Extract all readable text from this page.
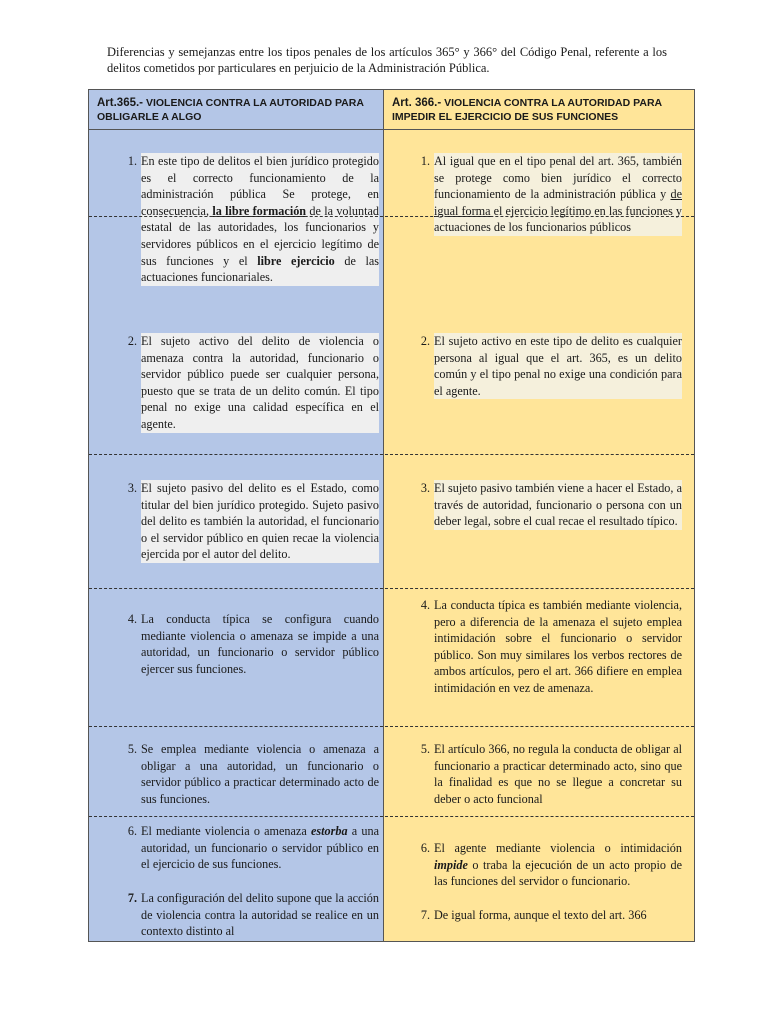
Diferencias y semejanzas entre los tipos penales de los artículos 365° y 366° del Código Penal, referente a los delitos cometidos por particulares en perjuicio de la Administración Pública.
Art.365.- VIOLENCIA CONTRA LA AUTORIDAD PARA OBLIGARLE A ALGO
1. En este tipo de delitos el bien jurídico protegido es el correcto funcionamiento de la administración pública Se protege, en consecuencia, la libre formación de la voluntad estatal de las autoridades, los funcionarios y servidores públicos en el ejercicio legítimo de sus funciones y el libre ejercicio de las actuaciones funcionariales.
2. El sujeto activo del delito de violencia o amenaza contra la autoridad, funcionario o servidor público puede ser cualquier persona, puesto que se trata de un delito común. El tipo penal no exige una calidad específica en el agente.
3. El sujeto pasivo del delito es el Estado, como titular del bien jurídico protegido. Sujeto pasivo del delito es también la autoridad, el funcionario o el servidor público en quien recae la violencia ejercida por el autor del delito.
4. La conducta típica se configura cuando mediante violencia o amenaza se impide a una autoridad, un funcionario o servidor público ejercer sus funciones.
5. Se emplea mediante violencia o amenaza a obligar a una autoridad, un funcionario o servidor público a practicar determinado acto de sus funciones.
6. El mediante violencia o amenaza estorba a una autoridad, un funcionario o servidor público en el ejercicio de sus funciones.
7. La configuración del delito supone que la acción de violencia contra la autoridad se realice en un contexto distinto al
Art. 366.- VIOLENCIA CONTRA LA AUTORIDAD PARA IMPEDIR EL EJERCICIO DE SUS FUNCIONES
1. Al igual que en el tipo penal del art. 365, también se protege como bien jurídico el correcto funcionamiento de la administración pública y de igual forma el ejercicio legítimo en las funciones y actuaciones de los funcionarios públicos
2. El sujeto activo en este tipo de delito es cualquier persona al igual que el art. 365, es un delito común y el tipo penal no exige una condición para el agente.
3. El sujeto pasivo también viene a hacer el Estado, a través de autoridad, funcionario o persona con un deber legal, sobre el cual recae el resultado típico.
4. La conducta típica es también mediante violencia, pero a diferencia de la amenaza el sujeto emplea intimidación sobre el funcionario o servidor público. Son muy similares los verbos rectores de ambos artículos, pero el art. 366 difiere en emplea intimidación en vez de amenaza.
5. El artículo 366, no regula la conducta de obligar al funcionario a practicar determinado acto, sino que la finalidad es que no se llegue a concretar su deber o acto funcional
6. El agente mediante violencia o intimidación impide o traba la ejecución de un acto propio de las funciones del servidor o funcionario.
7. De igual forma, aunque el texto del art. 366
